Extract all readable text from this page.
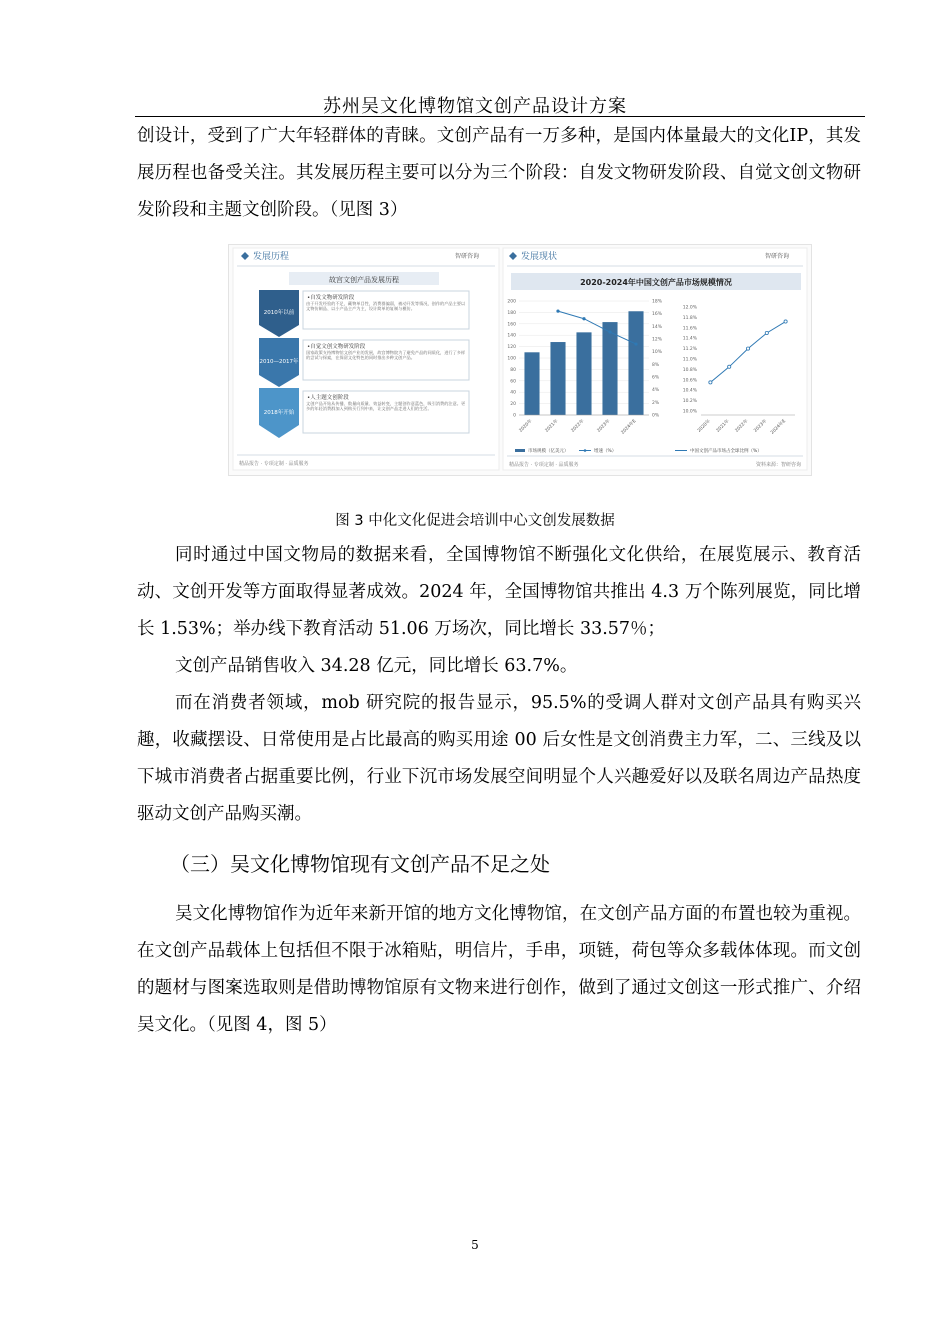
苏州吴文化博物馆文创产品设计方案

创设计，受到了广大年轻群体的青睐。文创产品有一万多种，是国内体量最大的文化IP，其发展历程也备受关注。其发展历程主要可以分为三个阶段：自发文物研发阶段、自觉文创文物研发阶段和主题文创阶段。（见图 3）

发展历程	智研咨询
故宫文创产品发展历程
2010年以前
2010—2017年
2018年开始
•自发文物研发阶段
由于开发经验的不足，藏物单目性，消费群偏弱，被动开发等情况，创作的产品主要以文物仿制品、以小产品主产为主，设计简单的复制与模仿。
•自觉文创文物研发阶段
国家政策支持博物馆文创产业的发展，故宫博物院为了避免产品的同质化，进行了多样的尝试与探索，在保留文化特色的同时推出多种文创产品。
•人主题文创阶段
文创产品开始从传播、数量向质量、效益转变，主题创作意蓝色，吸引消费的注意。更多的年轻消费群加入到购买行列中来，让文创产品走进人们的生活。
精品报告 · 专项定制 · 品质服务
发展现状	智研咨询
2020-2024年中国文创产品市场规模情况
200
180
160
140
120
100
80
60
40
20
0
18%
16%
14%
12%
10%
8%
6%
4%
2%
0%
2020年	2021年	2022年	2023年	2024年E
12.0%
11.8%
11.6%
11.4%
11.2%
11.0%
10.8%
10.6%
10.4%
10.2%
10.0%
2020年 2021年 2022年 2023年 2024年E
市场规模（亿美元）	增速（%）	中国文创产品市场占全球比例（%）
精品报告 · 专项定制 · 品质服务	资料来源：智研咨询
图 3 中化文化促进会培训中心文创发展数据

同时通过中国文物局的数据来看，全国博物馆不断强化文化供给，在展览展示、教育活动、文创开发等方面取得显著成效。2024 年，全国博物馆共推出 4.3 万个陈列展览，同比增长 1.53%；举办线下教育活动 51.06 万场次，同比增长 33.57％；

文创产品销售收入 34.28 亿元，同比增长 63.7%。

而在消费者领域，mob 研究院的报告显示，95.5%的受调人群对文创产品具有购买兴趣，收藏摆设、日常使用是占比最高的购买用途 00 后女性是文创消费主力军，二、三线及以下城市消费者占据重要比例，行业下沉市场发展空间明显个人兴趣爱好以及联名周边产品热度驱动文创产品购买潮。

（三）吴文化博物馆现有文创产品不足之处

吴文化博物馆作为近年来新开馆的地方文化博物馆，在文创产品方面的布置也较为重视。在文创产品载体上包括但不限于冰箱贴，明信片，手串，项链，荷包等众多载体体现。而文创的题材与图案选取则是借助博物馆原有文物来进行创作，做到了通过文创这一形式推广、介绍吴文化。（见图 4，图 5）

5
